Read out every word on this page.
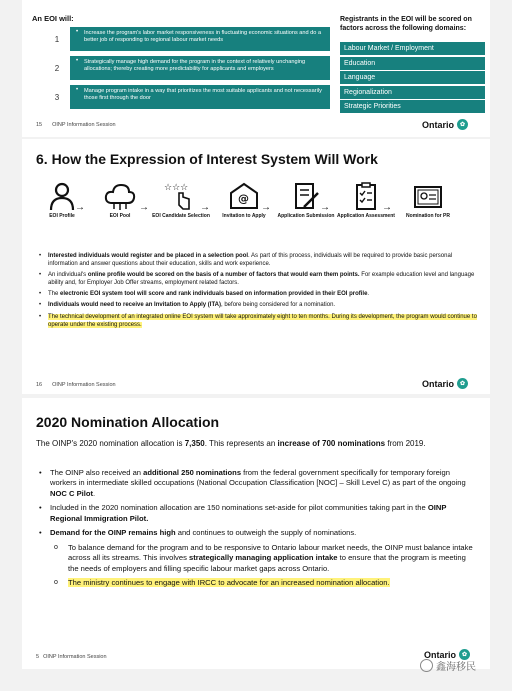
An EOI will:
1
• Increase the program's labor market responsiveness in fluctuating economic situations and do a better job of responding to regional labour market needs
2
• Strategically manage high demand for the program in the context of relatively unchanging allocations; thereby creating more predictability for applicants and employers
3
• Manage program intake in a way that prioritizes the most suitable applicants and not necessarily those first through the door
Registrants in the EOI will be scored on factors across the following domains:
Labour Market / Employment
Education
Language
Regionalization
Strategic Priorities
15 OINP Information Session	Ontario ✿
6. How the Expression of Interest System Will Work
EOI Profile
→
EOI Pool
→
☆☆☆
EOI Candidate Selection
→
@
Invitation to Apply
→
Application Submission
→
Application Assessment
→
Nomination for PR
• Interested individuals would register and be placed in a selection pool. As part of this process, individuals will be required to provide basic personal information and answer questions about their education, skills and work experience.
• An individual's online profile would be scored on the basis of a number of factors that would earn them points. For example education level and language ability and, for Employer Job Offer streams, employment related factors.
• The electronic EOI system tool will score and rank individuals based on information provided in their EOI profile.
• Individuals would need to receive an Invitation to Apply (ITA), before being considered for a nomination.
• The technical development of an integrated online EOI system will take approximately eight to ten months. During its development, the program would continue to operate under the existing process.
16 OINP Information Session	Ontario ✿
2020 Nomination Allocation
The OINP's 2020 nomination allocation is 7,350. This represents an increase of 700 nominations from 2019.
• The OINP also received an additional 250 nominations from the federal government specifically for temporary foreign workers in intermediate skilled occupations (National Occupation Classification [NOC] – Skill Level C) as part of the ongoing NOC C Pilot.
• Included in the 2020 nomination allocation are 150 nominations set-aside for pilot communities taking part in the OINP Regional Immigration Pilot.
• Demand for the OINP remains high and continues to outweigh the supply of nominations.
o To balance demand for the program and to be responsive to Ontario labour market needs, the OINP must balance intake across all its streams. This involves strategically managing application intake to ensure that the program is meeting the needs of employers and filling specific labour market gaps across Ontario.
o The ministry continues to engage with IRCC to advocate for an increased nomination allocation.
5 OINP Information Session	Ontario ✿
鑫海移民
